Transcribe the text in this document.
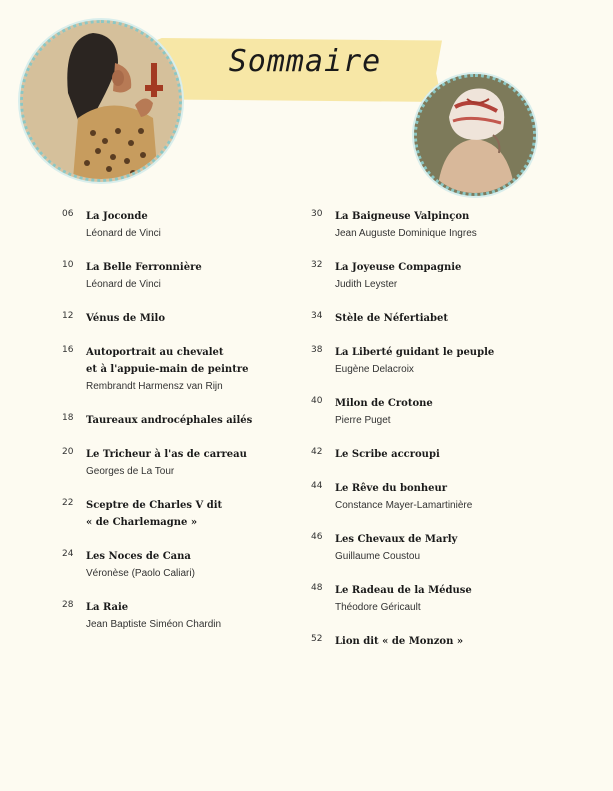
Sommaire
06 La Joconde
Léonard de Vinci
10 La Belle Ferronnière
Léonard de Vinci
12 Vénus de Milo
16 Autoportrait au chevalet
et à l'appuie-main de peintre
Rembrandt Harmensz van Rijn
18 Taureaux androcéphales ailés
20 Le Tricheur à l'as de carreau
Georges de La Tour
22 Sceptre de Charles V dit
« de Charlemagne »
24 Les Noces de Cana
Véronèse (Paolo Caliari)
28 La Raie
Jean Baptiste Siméon Chardin
30 La Baigneuse Valpinçon
Jean Auguste Dominique Ingres
32 La Joyeuse Compagnie
Judith Leyster
34 Stèle de Néfertiabet
38 La Liberté guidant le peuple
Eugène Delacroix
40 Milon de Crotone
Pierre Puget
42 Le Scribe accroupi
44 Le Rêve du bonheur
Constance Mayer-Lamartinière
46 Les Chevaux de Marly
Guillaume Coustou
48 Le Radeau de la Méduse
Théodore Géricault
52 Lion dit « de Monzon »
